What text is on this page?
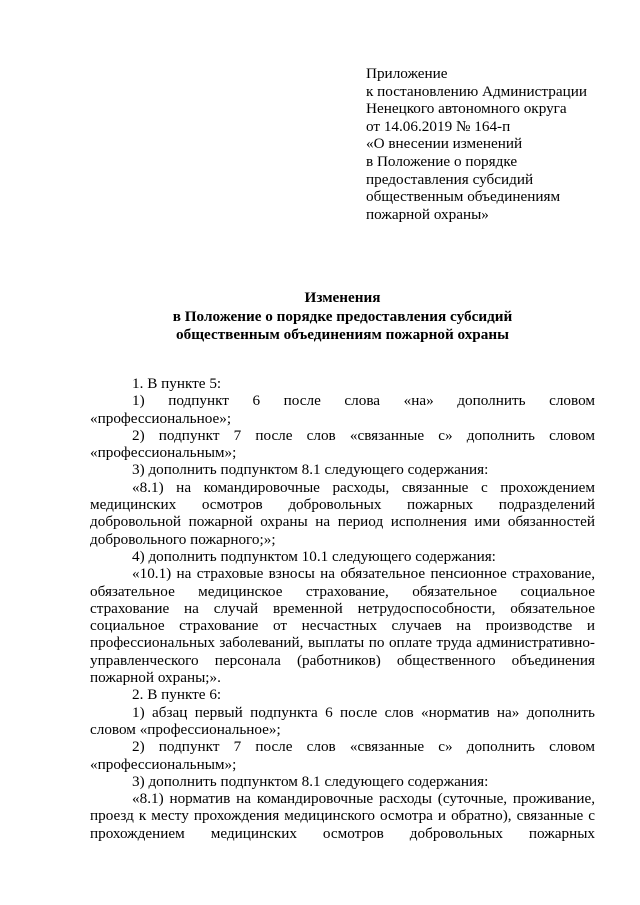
Приложение
к постановлению Администрации
Ненецкого автономного округа
от 14.06.2019 № 164-п
«О внесении изменений
в Положение о порядке
предоставления субсидий
общественным объединениям
пожарной охраны»
Изменения
в Положение о порядке предоставления субсидий
общественным объединениям пожарной охраны

1. В пункте 5:

1) подпункт 6 после слова «на» дополнить словом «профессиональное»;

2) подпункт 7 после слов «связанные с» дополнить словом «профессиональным»;

3) дополнить подпунктом 8.1 следующего содержания:

«8.1) на командировочные расходы, связанные с прохождением медицинских осмотров добровольных пожарных подразделений добровольной пожарной охраны на период исполнения ими обязанностей добровольного пожарного;»;

4) дополнить подпунктом 10.1 следующего содержания:

«10.1) на страховые взносы на обязательное пенсионное страхование, обязательное медицинское страхование, обязательное социальное страхование на случай временной нетрудоспособности, обязательное социальное страхование от несчастных случаев на производстве и профессиональных заболеваний, выплаты по оплате труда административно-управленческого персонала (работников) общественного объединения пожарной охраны;».

2. В пункте 6:

1) абзац первый подпункта 6 после слов «норматив на» дополнить словом «профессиональное»;

2) подпункт 7 после слов «связанные с» дополнить словом «профессиональным»;

3) дополнить подпунктом 8.1 следующего содержания:

«8.1) норматив на командировочные расходы (суточные, проживание, проезд к месту прохождения медицинского осмотра и обратно), связанные с прохождением медицинских осмотров добровольных пожарных
